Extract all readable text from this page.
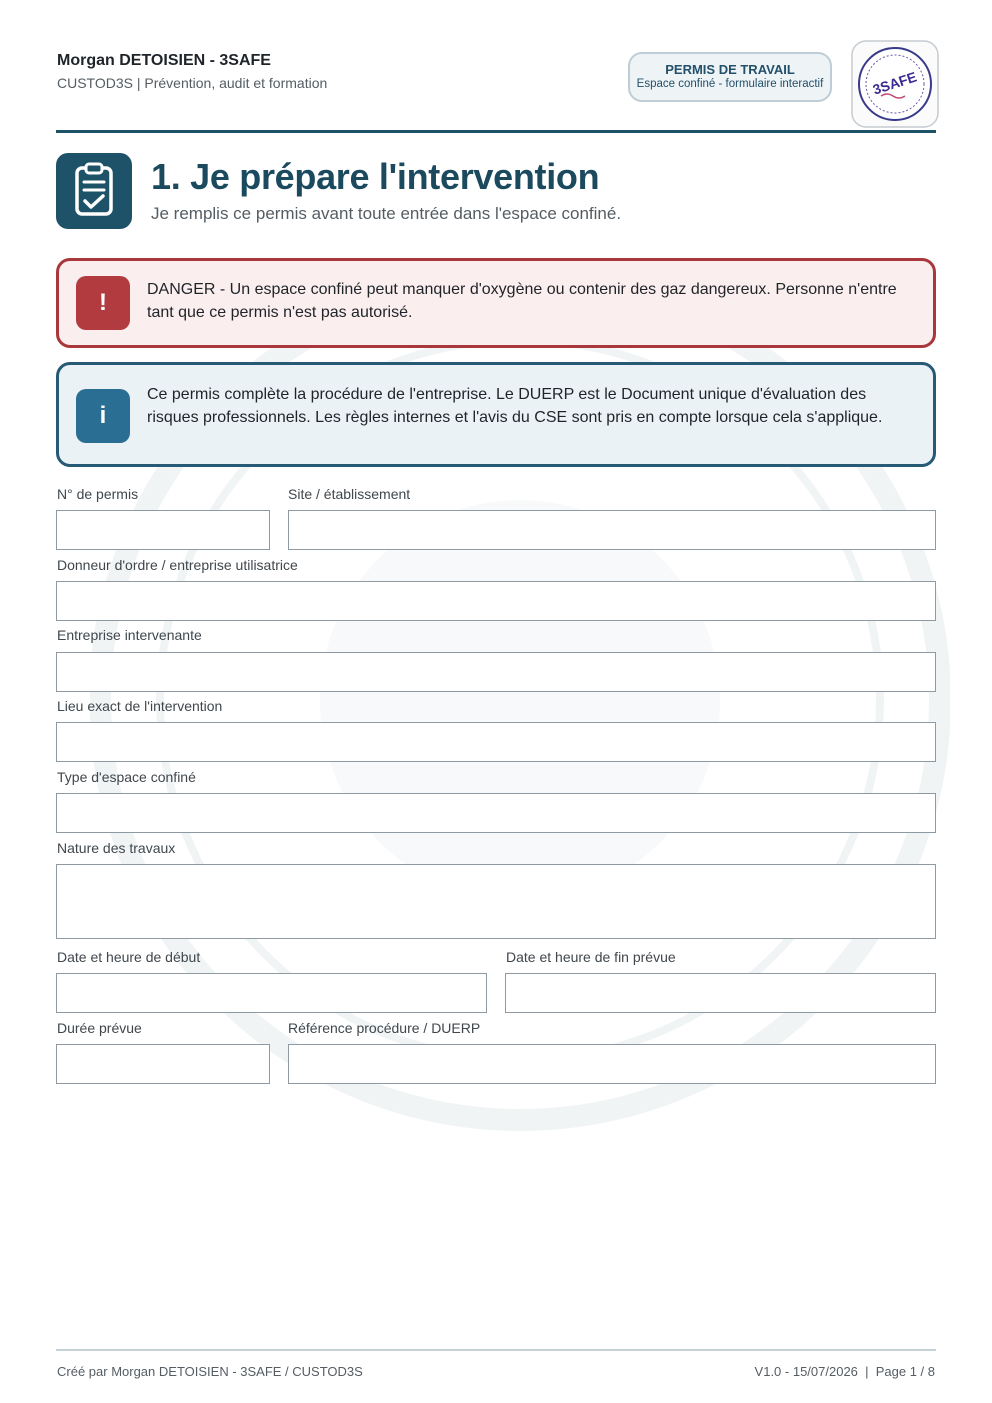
Morgan DETOISIEN - 3SAFE
CUSTOD3S | Prévention, audit et formation
PERMIS DE TRAVAIL
Espace confiné - formulaire interactif	3SAFE
1. Je prépare l'intervention
Je remplis ce permis avant toute entrée dans l'espace confiné.
!	DANGER - Un espace confiné peut manquer d'oxygène ou contenir des gaz dangereux. Personne n'entre tant que ce permis n'est pas autorisé.
i
Ce permis complète la procédure de l'entreprise. Le DUERP est le Document unique d'évaluation des risques professionnels. Les règles internes et l'avis du CSE sont pris en compte lorsque cela s'applique.
N° de permis	Site / établissement
Donneur d'ordre / entreprise utilisatrice
Entreprise intervenante
Lieu exact de l'intervention
Type d'espace confiné
Nature des travaux
Date et heure de début	Date et heure de fin prévue
Durée prévue	Référence procédure / DUERP
Créé par Morgan DETOISIEN - 3SAFE / CUSTOD3S	V1.0 - 15/07/2026  |  Page 1 / 8
